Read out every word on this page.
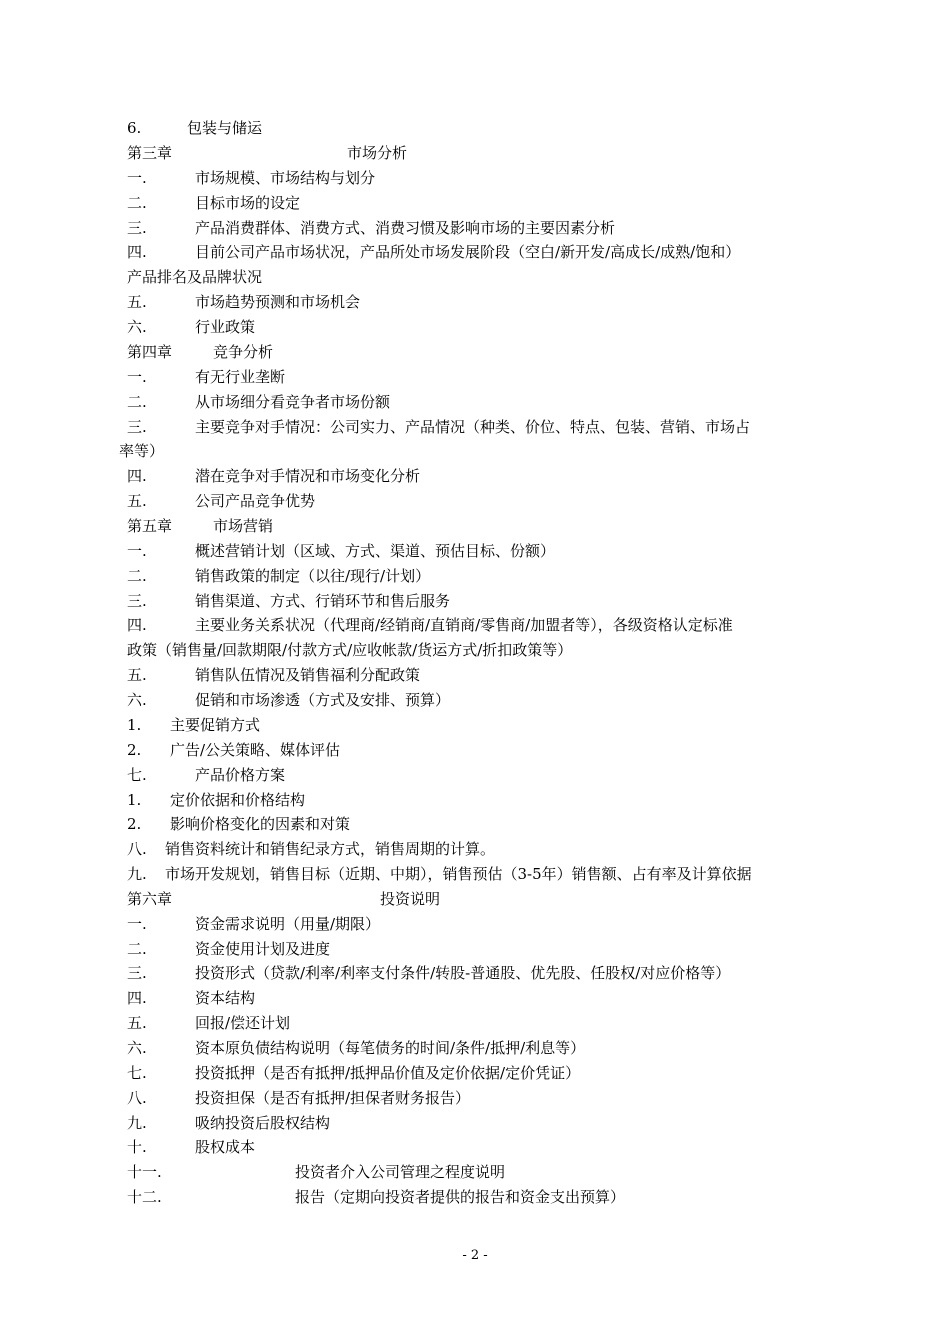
6.	包装与储运
第三章	市场分析
一.	市场规模、市场结构与划分
二.	目标市场的设定
三.	产品消费群体、消费方式、消费习惯及影响市场的主要因素分析
四.	目前公司产品市场状况，产品所处市场发展阶段（空白/新开发/高成长/成熟/饱和）
产品排名及品牌状况
五.	市场趋势预测和市场机会
六.	行业政策
第四章	竞争分析
一.	有无行业垄断
二.	从市场细分看竞争者市场份额
三.	主要竞争对手情况：公司实力、产品情况（种类、价位、特点、包装、营销、市场占
率等）
四.	潜在竞争对手情况和市场变化分析
五.	公司产品竞争优势
第五章	市场营销
一.	概述营销计划（区域、方式、渠道、预估目标、份额）
二.	销售政策的制定（以往/现行/计划）
三.	销售渠道、方式、行销环节和售后服务
四.	主要业务关系状况（代理商/经销商/直销商/零售商/加盟者等），各级资格认定标准
政策（销售量/回款期限/付款方式/应收帐款/货运方式/折扣政策等）
五.	销售队伍情况及销售福利分配政策
六.	促销和市场渗透（方式及安排、预算）
1. 主要促销方式
2. 广告/公关策略、媒体评估
七.	产品价格方案
1. 定价依据和价格结构
2. 影响价格变化的因素和对策
八. 销售资料统计和销售纪录方式，销售周期的计算。
九. 市场开发规划，销售目标（近期、中期），销售预估（3-5年）销售额、占有率及计算依据
第六章	投资说明
一.	资金需求说明（用量/期限）
二.	资金使用计划及进度
三.	投资形式（贷款/利率/利率支付条件/转股-普通股、优先股、任股权/对应价格等）
四.	资本结构
五.	回报/偿还计划
六.	资本原负债结构说明（每笔债务的时间/条件/抵押/利息等）
七.	投资抵押（是否有抵押/抵押品价值及定价依据/定价凭证）
八.	投资担保（是否有抵押/担保者财务报告）
九.	吸纳投资后股权结构
十.	股权成本
十一.	投资者介入公司管理之程度说明
十二.	报告（定期向投资者提供的报告和资金支出预算）
- 2 -
